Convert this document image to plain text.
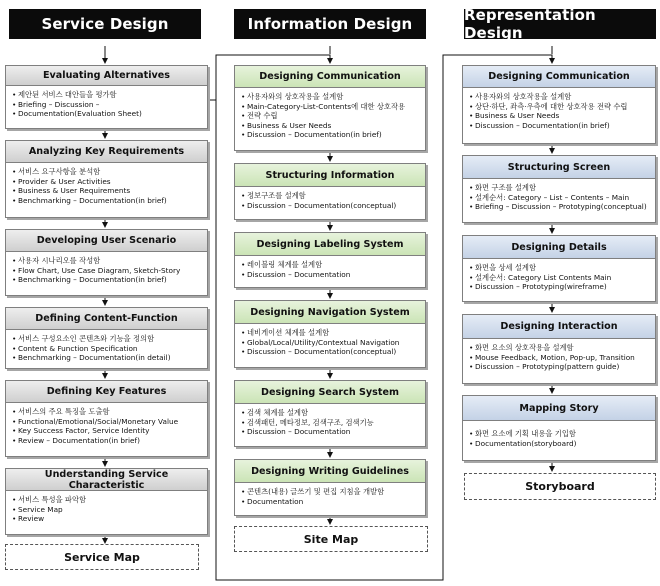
Service Design
Evaluating Alternatives
• 제안된 서비스 대안들을 평가함
• Briefing – Discussion –
• Documentation(Evaluation Sheet)
Analyzing Key Requirements
• 서비스 요구사항을 분석함
• Provider & User Activities
• Business & User Requirements
• Benchmarking – Documentation(in brief)
Developing User Scenario
• 사용자 시나리오를 작성함
• Flow Chart, Use Case Diagram, Sketch-Story
• Benchmarking – Documentation(in brief)
Defining Content-Function
• 서비스 구성요소인 콘텐츠와 기능을 정의함
• Content & Function Specification
• Benchmarking – Documentation(in detail)
Defining Key Features
• 서비스의 주요 특징을 도출함
• Functional/Emotional/Social/Monetary Value
• Key Success Factor, Service Identity
• Review – Documentation(in brief)
Understanding Service Characteristic
• 서비스 특성을 파악함
• Service Map
• Review
Service Map
Information Design
Designing Communication
• 사용자와의 상호작용을 설계함
• Main-Category-List-Contents에 대한 상호작용
• 전략 수립
• Business & User Needs
• Discussion – Documentation(in brief)
Structuring Information
• 정보구조를 설계함
• Discussion – Documentation(conceptual)
Designing Labeling System
• 레이블링 체계를 설계함
• Discussion – Documentation
Designing Navigation System
• 네비게이션 체계를 설계함
• Global/Local/Utility/Contextual Navigation
• Discussion – Documentation(conceptual)
Designing Search System
• 검색 체계를 설계함
• 검색패턴, 메타정보, 검색구조, 검색기능
• Discussion – Documentation
Designing Writing Guidelines
• 콘텐츠(내용) 글쓰기 및 편집 지침을 개발함
• Documentation
Site Map
Representation Design
Designing Communication
• 사용자와의 상호작용을 설계함
• 상단·하단, 좌측·우측에 대한 상호작용 전략 수립
• Business & User Needs
• Discussion – Documentation(in brief)
Structuring Screen
• 화면 구조를 설계함
• 설계순서: Category – List – Contents – Main
• Briefing – Discussion – Prototyping(conceptual)
Designing Details
• 화면을 상세 설계함
• 설계순서: Category List Contents Main
• Discussion – Prototyping(wireframe)
Designing Interaction
• 화면 요소의 상호작용을 설계함
• Mouse Feedback, Motion, Pop-up, Transition
• Discussion – Prototyping(pattern guide)
Mapping Story
• 화면 요소에 기획 내용을 기입함
• Documentation(storyboard)
Storyboard
